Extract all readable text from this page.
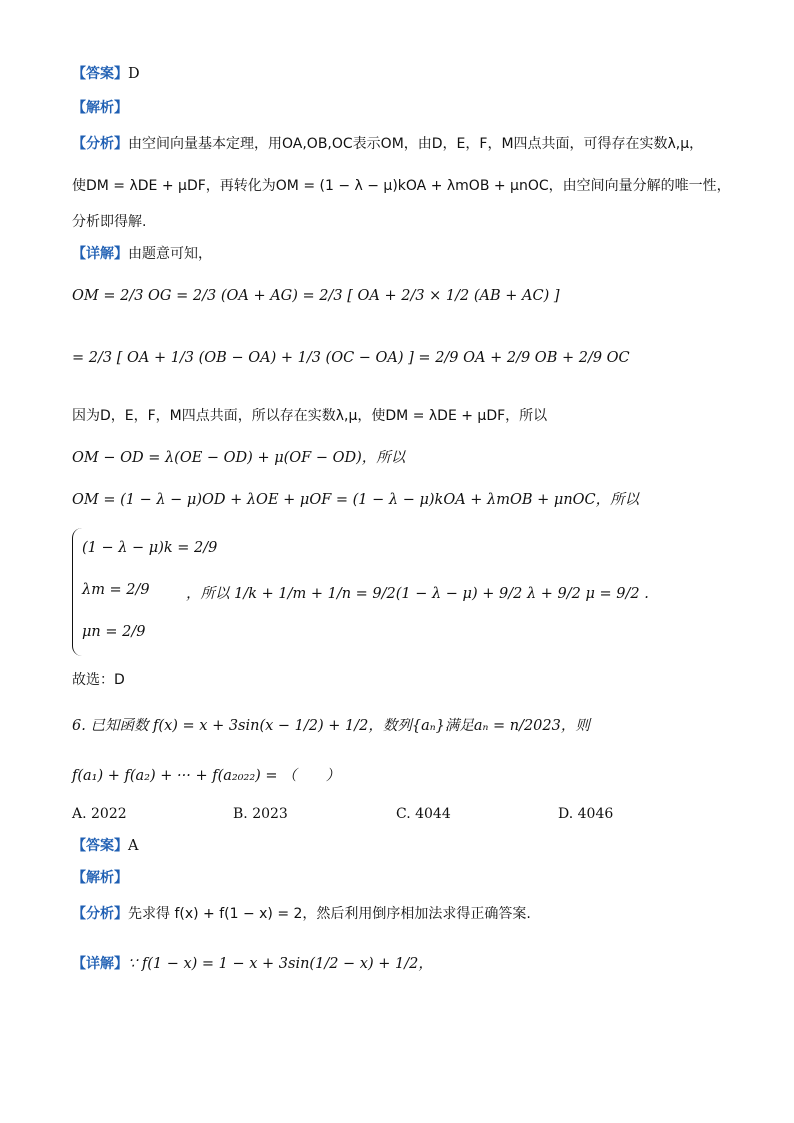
【答案】D
【解析】
【分析】由空间向量基本定理，用OA,OB,OC表示OM，由D，E，F，M四点共面，可得存在实数λ,μ，
使DM = λDE + μDF，再转化为OM = (1 − λ − μ)kOA + λmOB + μnOC，由空间向量分解的唯一性，
分析即得解.
【详解】由题意可知，
OM = 2/3 OG = 2/3 (OA + AG) = 2/3 [ OA + 2/3 × 1/2 (AB + AC) ]
= 2/3 [ OA + 1/3 (OB − OA) + 1/3 (OC − OA) ] = 2/9 OA + 2/9 OB + 2/9 OC
因为D，E，F，M四点共面，所以存在实数λ,μ，使DM = λDE + μDF，所以
OM − OD = λ(OE − OD) + μ(OF − OD)，所以
OM = (1 − λ − μ)OD + λOE + μOF = (1 − λ − μ)kOA + λmOB + μnOC，所以
(1 − λ − μ)k = 2/9
λm = 2/9
μn = 2/9
，所以 1/k + 1/m + 1/n = 9/2(1 − λ − μ) + 9/2 λ + 9/2 μ = 9/2 .
故选：D
6. 已知函数 f(x) = x + 3sin(x − 1/2) + 1/2，数列{aₙ}满足aₙ = n/2023，则
f(a₁) + f(a₂) + ··· + f(a₂₀₂₂) = （　　）
A. 2022	B. 2023	C. 4044	D. 4046
【答案】A
【解析】
【分析】先求得 f(x) + f(1 − x) = 2，然后利用倒序相加法求得正确答案.
【详解】∵ f(1 − x) = 1 − x + 3sin(1/2 − x) + 1/2，
